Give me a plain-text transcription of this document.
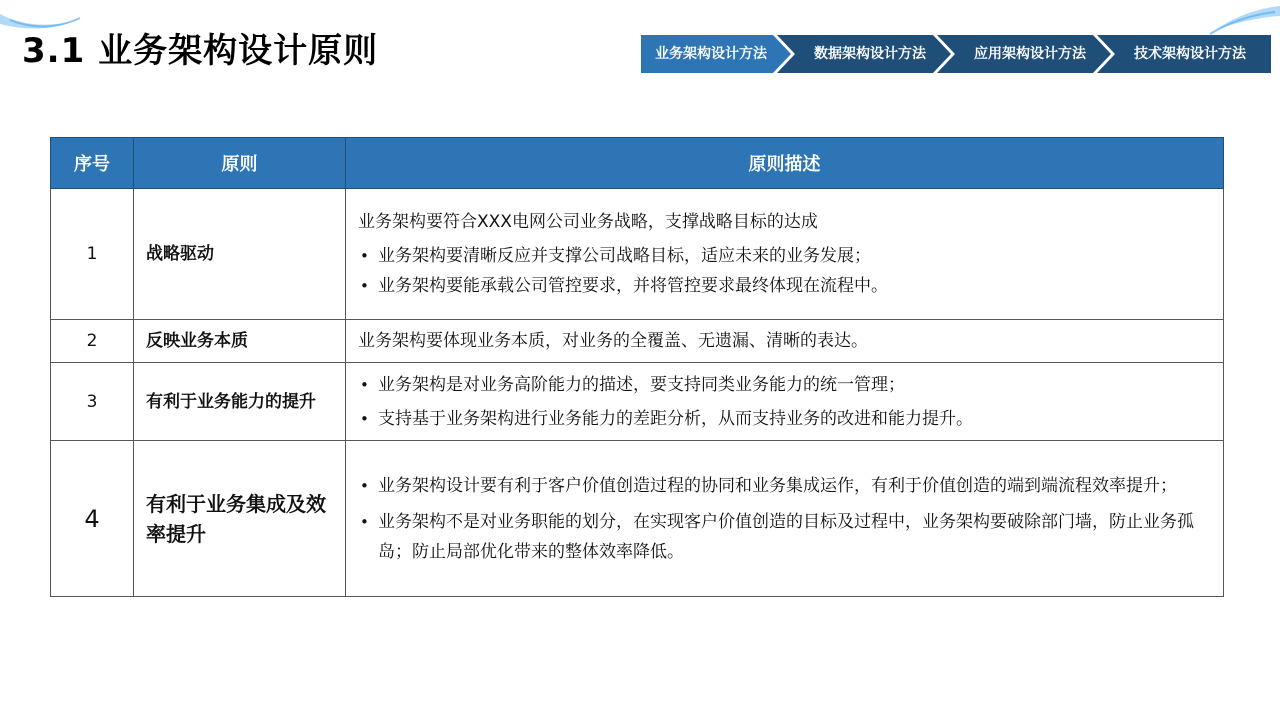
3.1 业务架构设计原则	业务架构设计方法	数据架构设计方法	应用架构设计方法	技术架构设计方法
序号	原则	原则描述
1	战略驱动	业务架构要符合XXX电网公司业务战略，支撑战略目标的达成
• 业务架构要清晰反应并支撑公司战略目标，适应未来的业务发展；
• 业务架构要能承载公司管控要求，并将管控要求最终体现在流程中。

2	反映业务本质	业务架构要体现业务本质，对业务的全覆盖、无遗漏、清晰的表达。

3	有利于业务能力的提升	• 业务架构是对业务高阶能力的描述，要支持同类业务能力的统一管理；
• 支持基于业务架构进行业务能力的差距分析，从而支持业务的改进和能力提升。

4	有利于业务集成及效率提升	• 业务架构设计要有利于客户价值创造过程的协同和业务集成运作，有利于价值创造的端到端流程效率提升；
• 业务架构不是对业务职能的划分，在实现客户价值创造的目标及过程中，业务架构要破除部门墙，防止业务孤岛；防止局部优化带来的整体效率降低。
